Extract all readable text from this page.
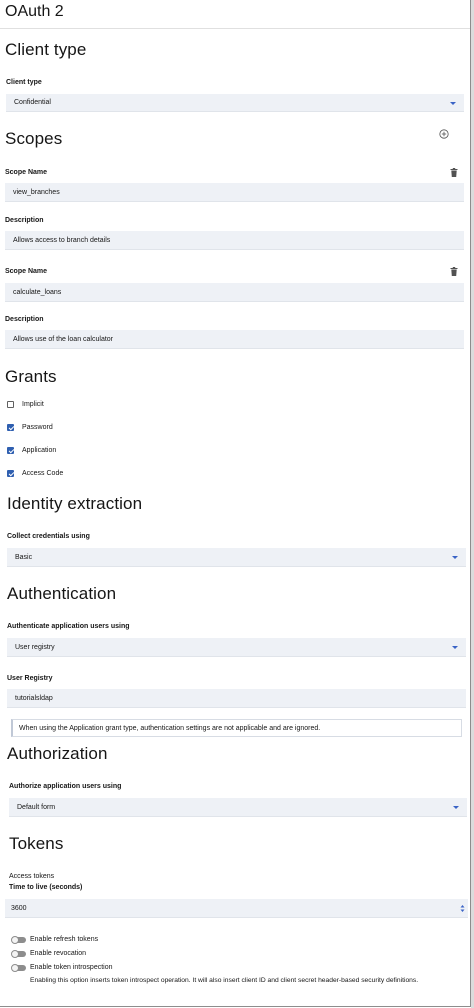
OAuth 2
Client type
Client type
Confidential
Scopes
Scope Name
view_branches
Description
Allows access to branch details
Scope Name
calculate_loans
Description
Allows use of the loan calculator
Grants
Implicit
Password
Application
Access Code
Identity extraction
Collect credentials using
Basic
Authentication
Authenticate application users using
User registry
User Registry
tutorialsldap
When using the Application grant type, authentication settings are not applicable and are ignored.
Authorization
Authorize application users using
Default form
Tokens
Access tokens
Time to live (seconds)
3600
Enable refresh tokens
Enable revocation
Enable token introspection
Enabling this option inserts token introspect operation. It will also insert client ID and client secret header-based security definitions.
